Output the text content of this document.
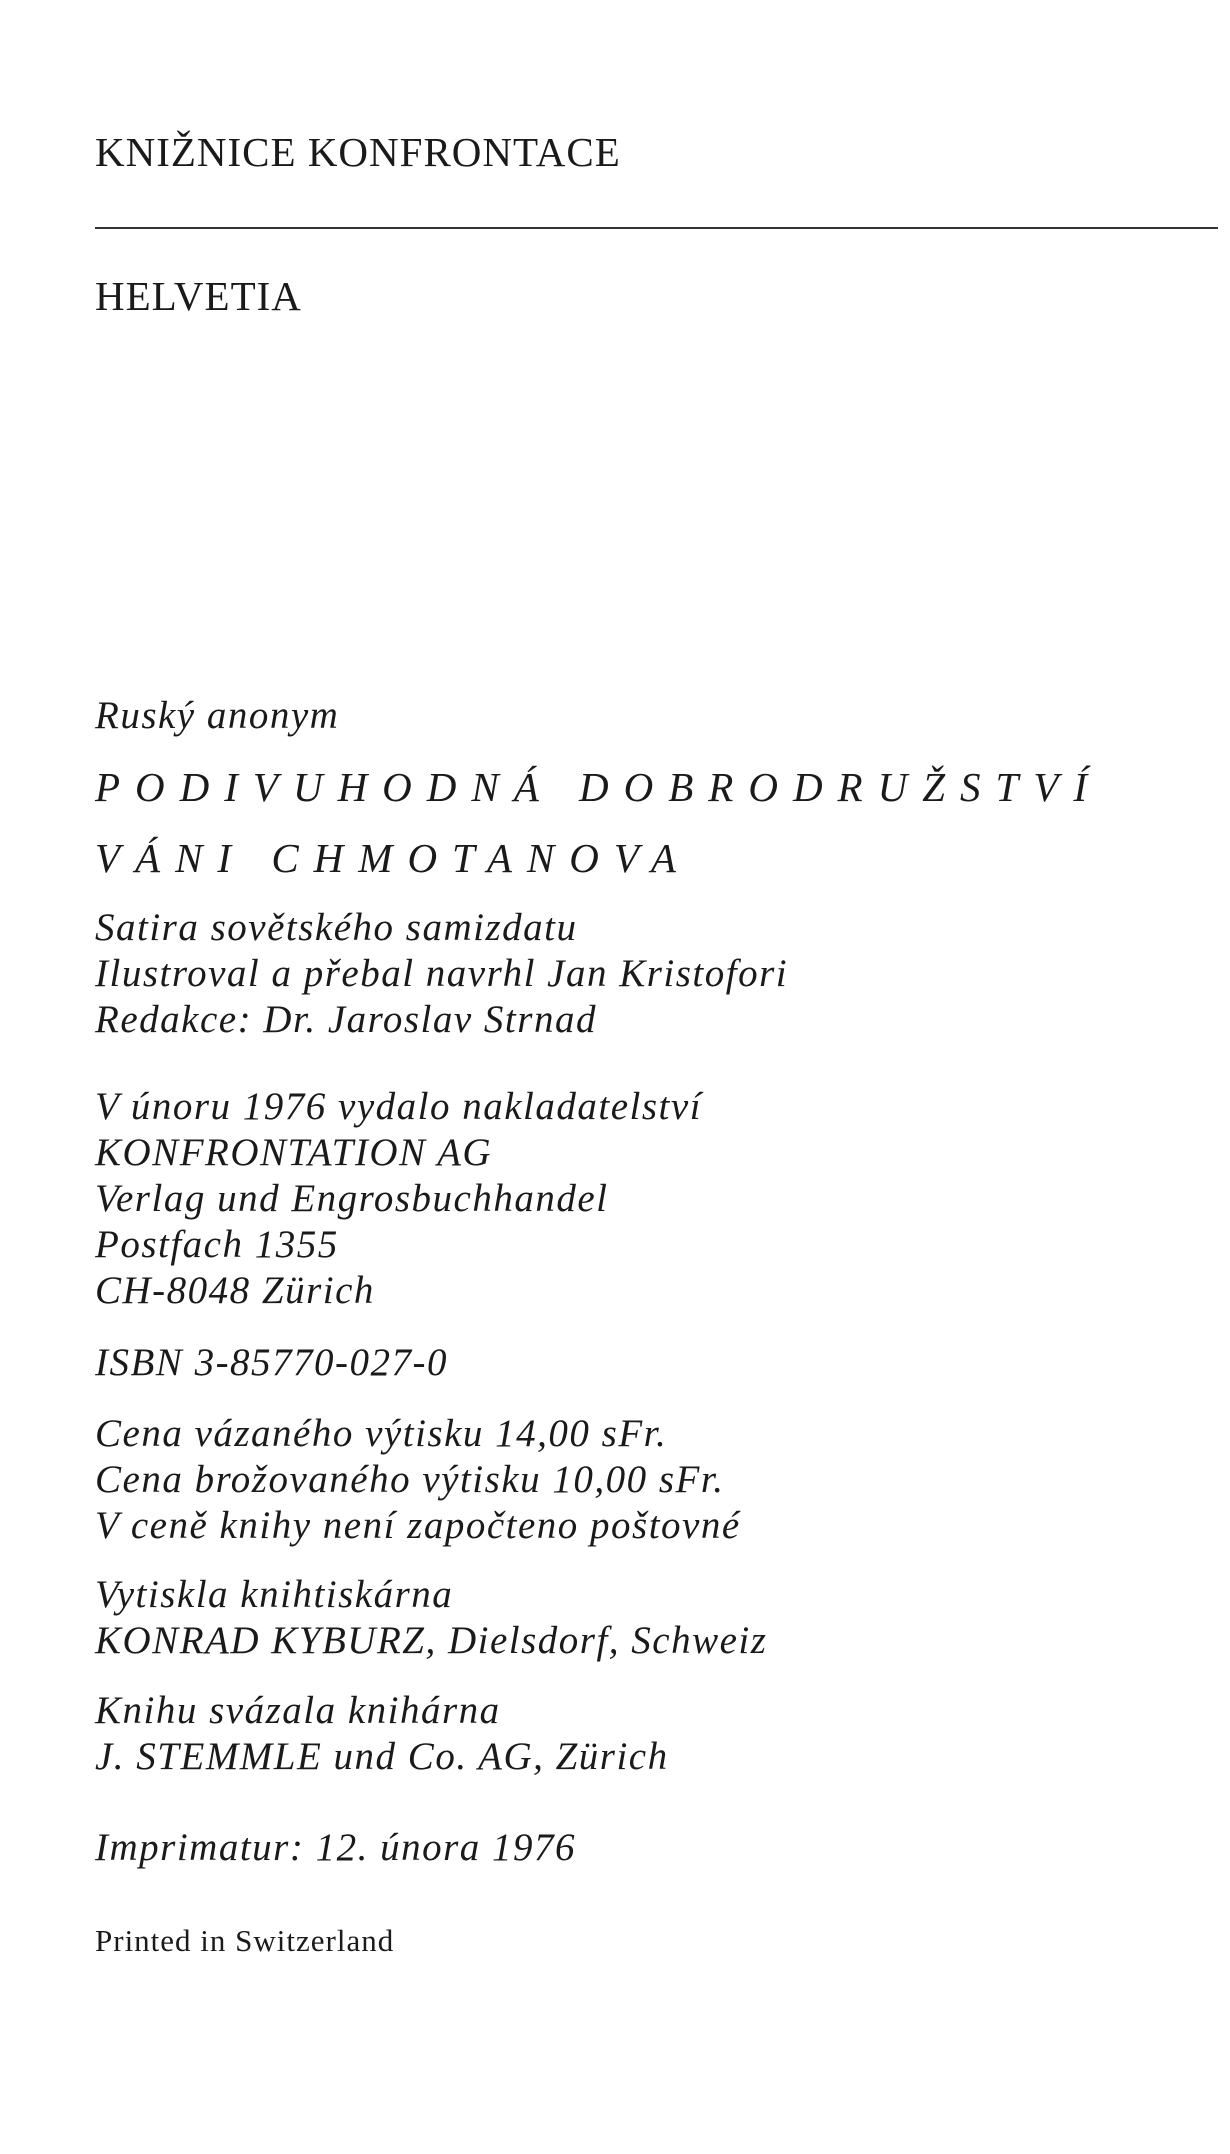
KNIŽNICE KONFRONTACE
HELVETIA
Ruský anonym
PODIVUHODNÁ DOBRODRUŽSTVÍ
VÁNI CHMOTANOVA
Satira sovětského samizdatu
Ilustroval a přebal navrhl Jan Kristofori
Redakce: Dr. Jaroslav Strnad
V únoru 1976 vydalo nakladatelství
KONFRONTATION AG
Verlag und Engrosbuchhandel
Postfach 1355
CH-8048 Zürich
ISBN 3-85770-027-0
Cena vázaného výtisku 14,00 sFr.
Cena brožovaného výtisku 10,00 sFr.
V ceně knihy není započteno poštovné
Vytiskla knihtiskárna
KONRAD KYBURZ, Dielsdorf, Schweiz
Knihu svázala knihárna
J. STEMMLE und Co. AG, Zürich
Imprimatur: 12. února 1976
Printed in Switzerland
